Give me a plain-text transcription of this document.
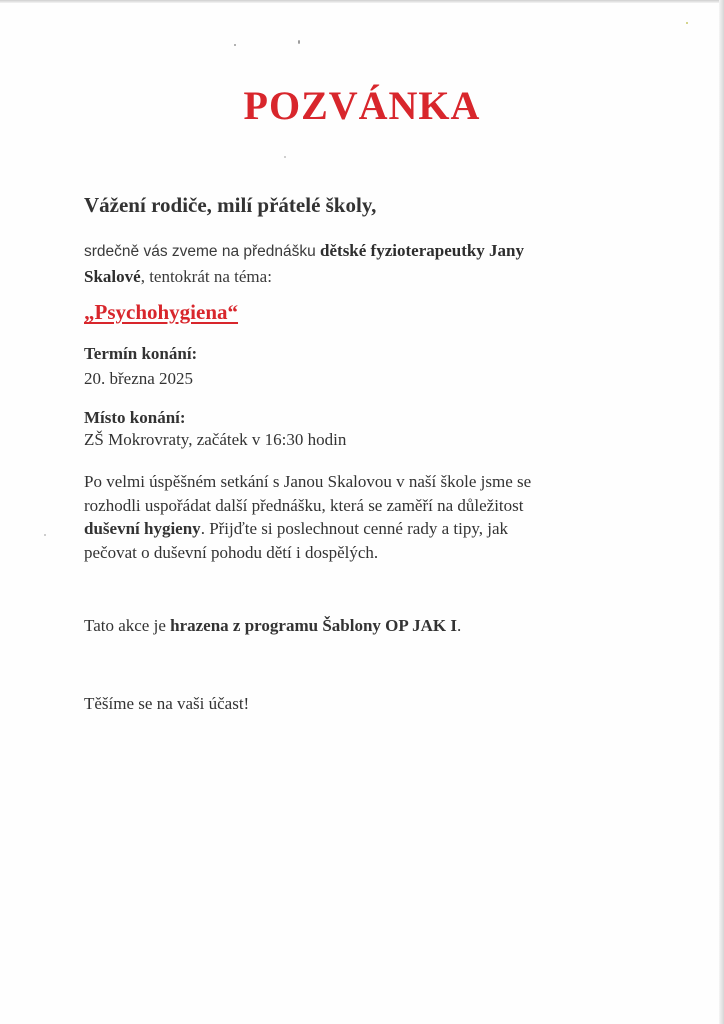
POZVÁNKA
Vážení rodiče, milí přátelé školy,
srdečně vás zveme na přednášku dětské fyzioterapeutky Jany
Skalové, tentokrát na téma:
„Psychohygiena“
Termín konání:
20. března 2025
Místo konání:
ZŠ Mokrovraty, začátek v 16:30 hodin
Po velmi úspěšném setkání s Janou Skalovou v naší škole jsme se
rozhodli uspořádat další přednášku, která se zaměří na důležitost
duševní hygieny. Přijďte si poslechnout cenné rady a tipy, jak
pečovat o duševní pohodu dětí i dospělých.
Tato akce je hrazena z programu Šablony OP JAK I.
Těšíme se na vaši účast!
